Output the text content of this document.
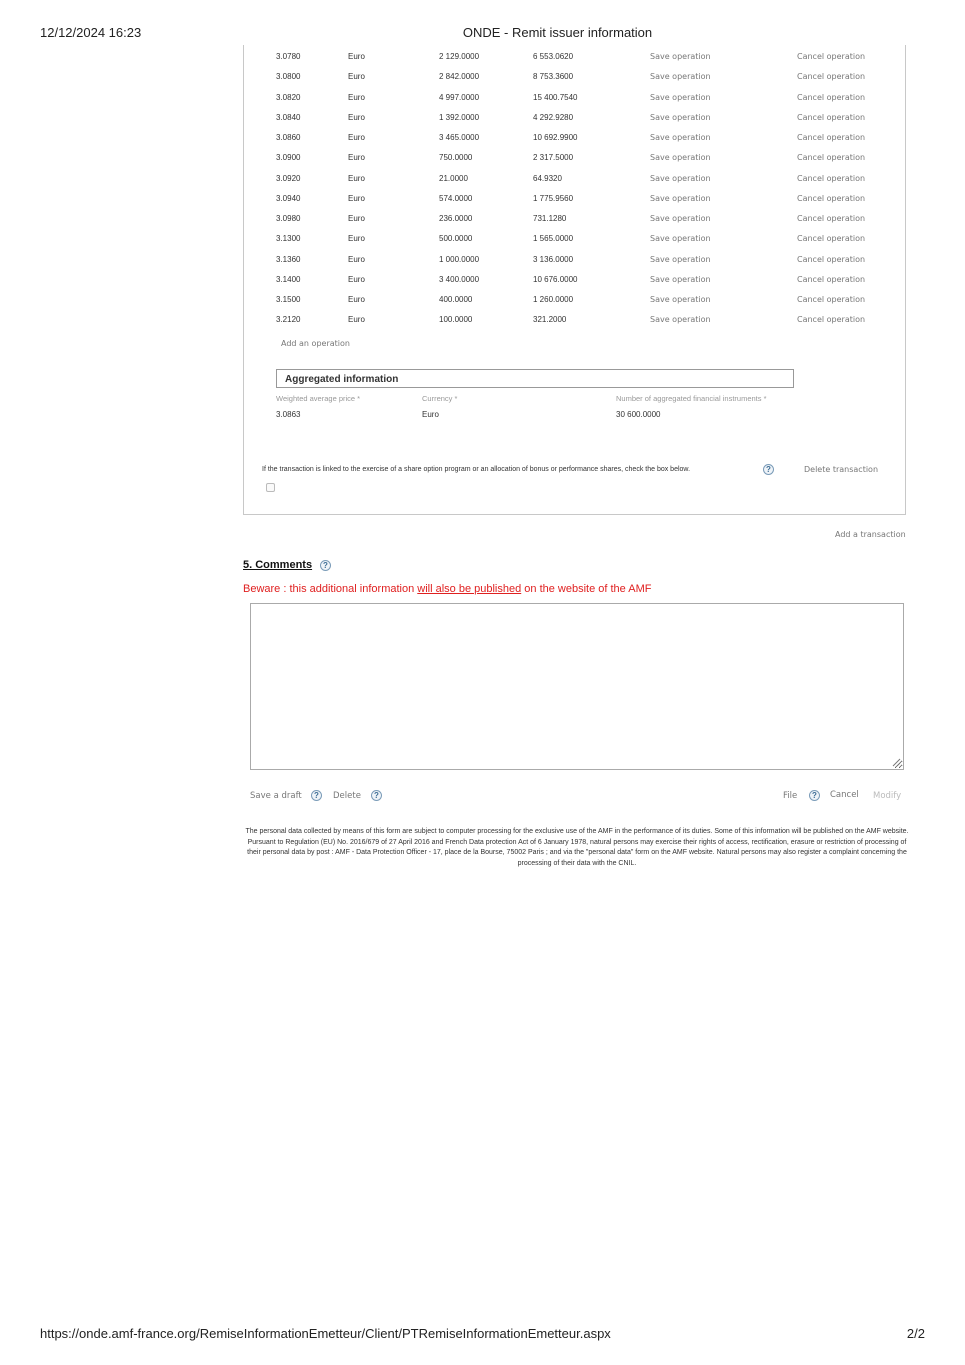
12/12/2024 16:23	ONDE - Remit issuer information
3.0780	Euro	2 129.0000	6 553.0620	Save operation	Cancel operation
3.0800	Euro	2 842.0000	8 753.3600	Save operation	Cancel operation
3.0820	Euro	4 997.0000	15 400.7540	Save operation	Cancel operation
3.0840	Euro	1 392.0000	4 292.9280	Save operation	Cancel operation
3.0860	Euro	3 465.0000	10 692.9900	Save operation	Cancel operation
3.0900	Euro	750.0000	2 317.5000	Save operation	Cancel operation
3.0920	Euro	21.0000	64.9320	Save operation	Cancel operation
3.0940	Euro	574.0000	1 775.9560	Save operation	Cancel operation
3.0980	Euro	236.0000	731.1280	Save operation	Cancel operation
3.1300	Euro	500.0000	1 565.0000	Save operation	Cancel operation
3.1360	Euro	1 000.0000	3 136.0000	Save operation	Cancel operation
3.1400	Euro	3 400.0000	10 676.0000	Save operation	Cancel operation
3.1500	Euro	400.0000	1 260.0000	Save operation	Cancel operation
3.2120	Euro	100.0000	321.2000	Save operation	Cancel operation
Add an operation
Aggregated information
Weighted average price *	Currency *	Number of aggregated financial instruments *
3.0863	Euro	30 600.0000
If the transaction is linked to the exercise of a share option program or an allocation of bonus or performance shares, check the box below.	?	Delete transaction
Add a transaction
5. Comments	?
Beware : this additional information will also be published on the website of the AMF
Save a draft	?	Delete	?	File	?	Cancel Modify
The personal data collected by means of this form are subject to computer processing for the exclusive use of the AMF in the performance of its duties. Some of this information will be published on the AMF website. Pursuant to Regulation (EU) No. 2016/679 of 27 April 2016 and French Data protection Act of 6 January 1978, natural persons may exercise their rights of access, rectification, erasure or restriction of processing of their personal data by post : AMF - Data Protection Officer - 17, place de la Bourse, 75002 Paris ; and via the "personal data" form on the AMF website. Natural persons may also register a complaint concerning the processing of their data with the CNIL.
https://onde.amf-france.org/RemiseInformationEmetteur/Client/PTRemiseInformationEmetteur.aspx	2/2
